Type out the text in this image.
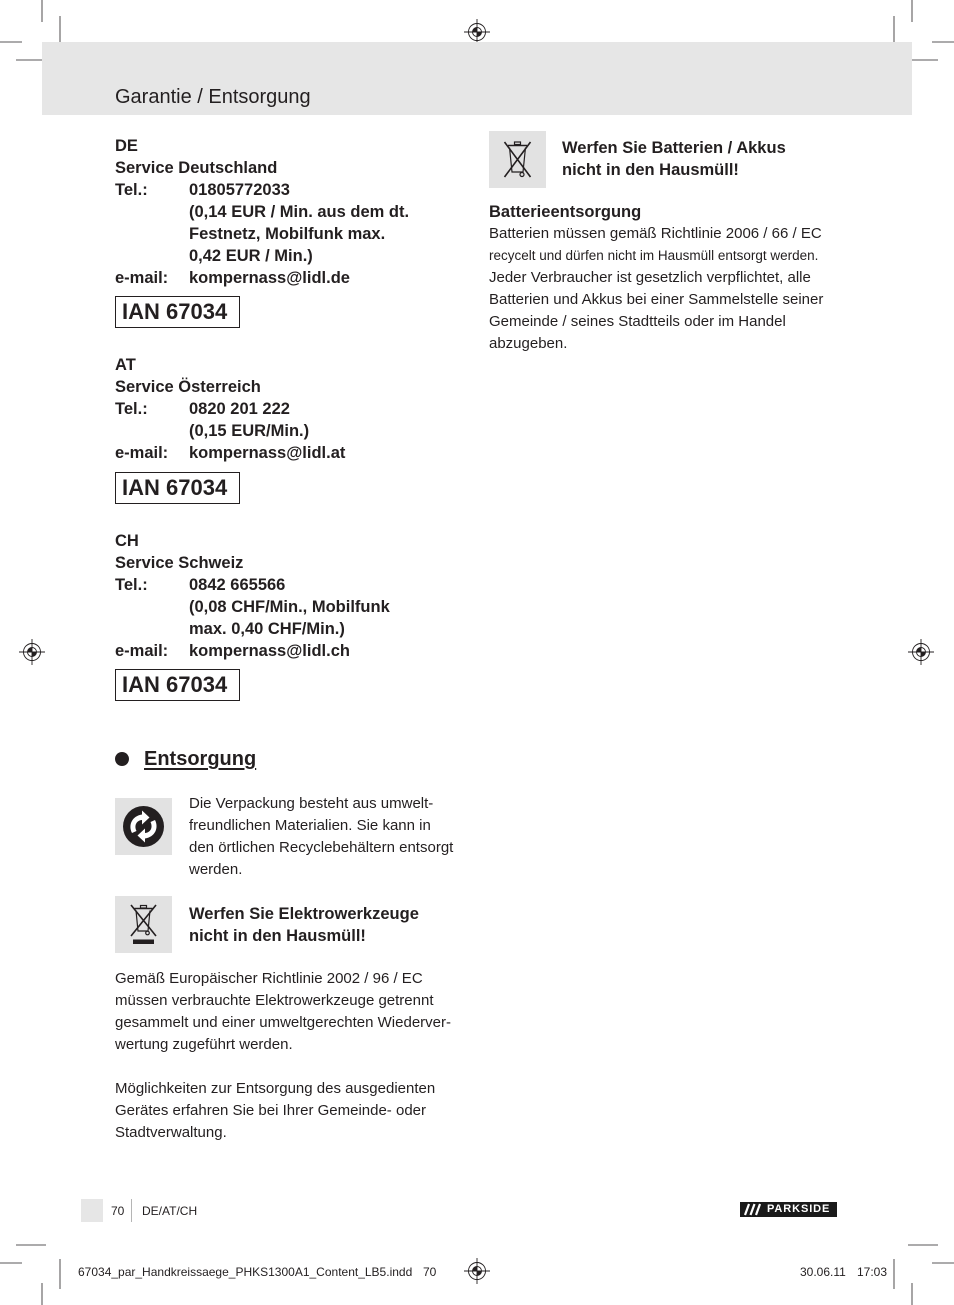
Garantie / Entsorgung
DE
Service Deutschland
Tel.:	01805772033
(0,14 EUR / Min. aus dem dt.
Festnetz, Mobilfunk max.
0,42 EUR / Min.)
e-mail:	kompernass@lidl.de
IAN 67034
AT
Service Österreich
Tel.:	0820 201 222
(0,15 EUR/Min.)
e-mail:	kompernass@lidl.at
IAN 67034
CH
Service Schweiz
Tel.:	0842 665566
(0,08 CHF/Min., Mobilfunk
max. 0,40 CHF/Min.)
e-mail:	kompernass@lidl.ch
IAN 67034
Entsorgung
Die Verpackung besteht aus umwelt-
freundlichen Materialien. Sie kann in
den örtlichen Recyclebehältern entsorgt
werden.
Werfen Sie Elektrowerkzeuge
nicht in den Hausmüll!
Gemäß Europäischer Richtlinie 2002 / 96 / EC
müssen verbrauchte Elektrowerkzeuge getrennt
gesammelt und einer umweltgerechten Wiederver-
wertung zugeführt werden.
Möglichkeiten zur Entsorgung des ausgedienten
Gerätes erfahren Sie bei Ihrer Gemeinde- oder
Stadtverwaltung.
Werfen Sie Batterien / Akkus
nicht in den Hausmüll!
Batterieentsorgung
Batterien müssen gemäß Richtlinie 2006 / 66 / EC
recycelt und dürfen nicht im Hausmüll entsorgt werden.
Jeder Verbraucher ist gesetzlich verpflichtet, alle
Batterien und Akkus bei einer Sammelstelle seiner
Gemeinde / seines Stadtteils oder im Handel
abzugeben.
70 DE/AT/CH	PARKSIDE
67034_par_Handkreissaege_PHKS1300A1_Content_LB5.indd 70	30.06.11 17:03
